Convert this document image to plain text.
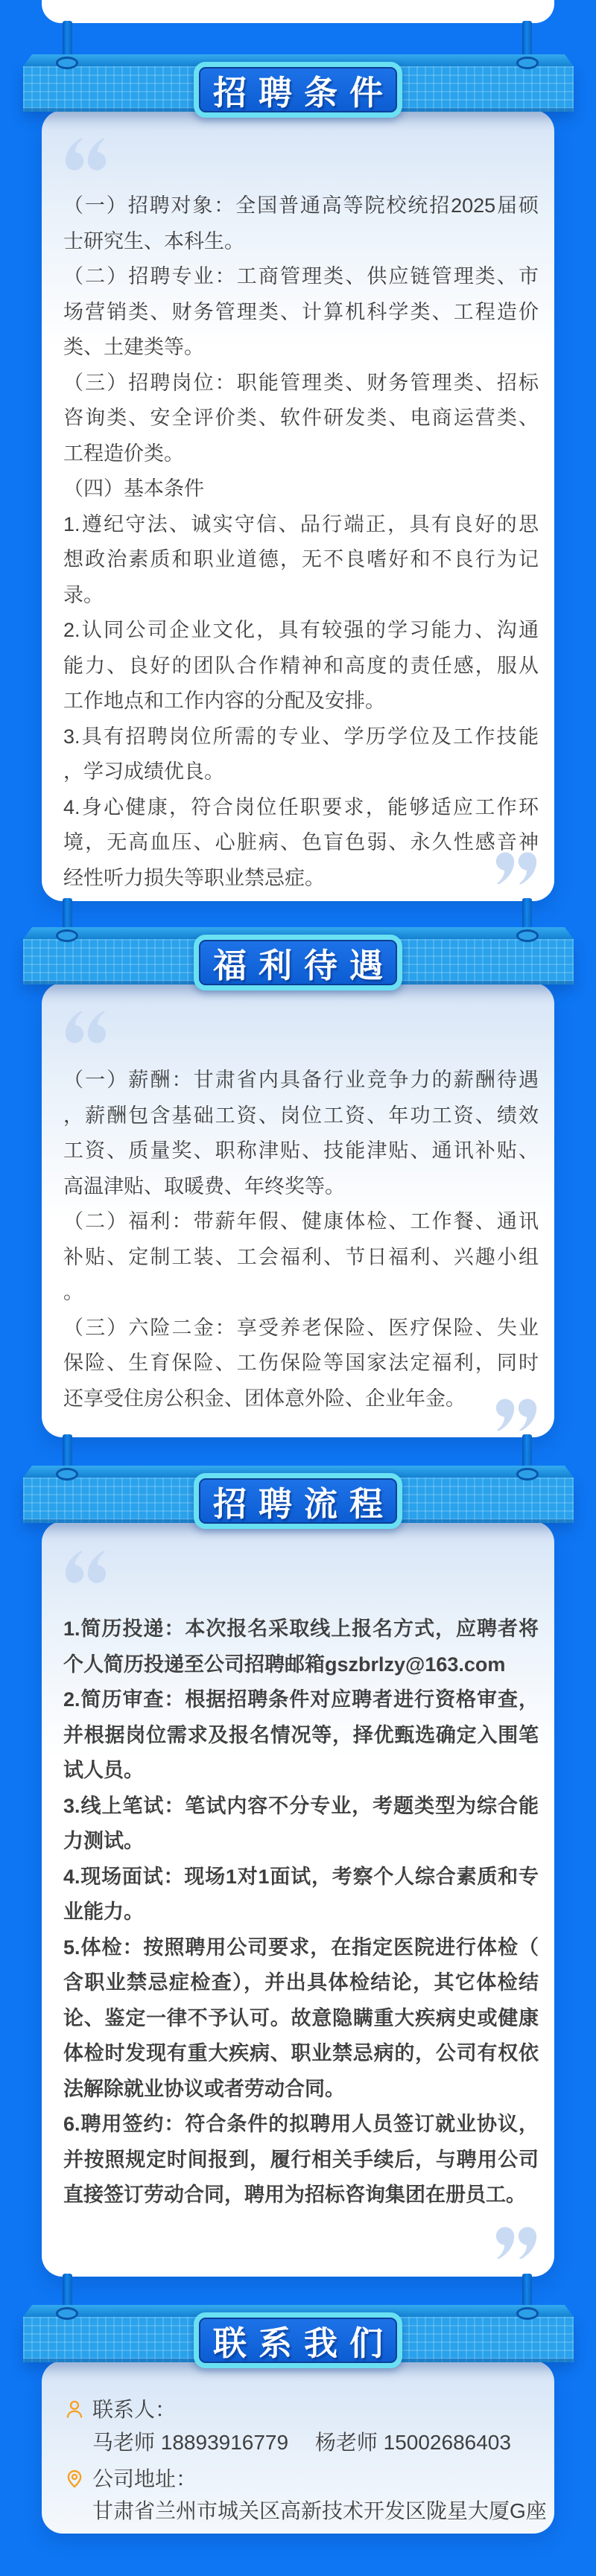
联系人：
马老师 18893916779 杨老师 15002686403
公司地址：
甘肃省兰州市城关区高新技术开发区陇星大厦G座
招聘条件
（一）招聘对象：全国普通高等院校统招2025届硕
士研究生、本科生。
（二）招聘专业：工商管理类、供应链管理类、市
场营销类、财务管理类、计算机科学类、工程造价
类、土建类等。
（三）招聘岗位：职能管理类、财务管理类、招标
咨询类、安全评价类、软件研发类、电商运营类、
工程造价类。
（四）基本条件
1.遵纪守法、诚实守信、品行端正，具有良好的思
想政治素质和职业道德，无不良嗜好和不良行为记
录。
2.认同公司企业文化，具有较强的学习能力、沟通
能力、良好的团队合作精神和高度的责任感，服从
工作地点和工作内容的分配及安排。
3.具有招聘岗位所需的专业、学历学位及工作技能
，学习成绩优良。
4.身心健康，符合岗位任职要求，能够适应工作环
境，无高血压、心脏病、色盲色弱、永久性感音神
经性听力损失等职业禁忌症。
福利待遇
（一）薪酬：甘肃省内具备行业竞争力的薪酬待遇
，薪酬包含基础工资、岗位工资、年功工资、绩效
工资、质量奖、职称津贴、技能津贴、通讯补贴、
高温津贴、取暖费、年终奖等。
（二）福利：带薪年假、健康体检、工作餐、通讯
补贴、定制工装、工会福利、节日福利、兴趣小组
。
（三）六险二金：享受养老保险、医疗保险、失业
保险、生育保险、工伤保险等国家法定福利，同时
还享受住房公积金、团体意外险、企业年金。
招聘流程
1.简历投递：本次报名采取线上报名方式，应聘者将
个人简历投递至公司招聘邮箱gszbrlzy@163.com
2.简历审查：根据招聘条件对应聘者进行资格审查，
并根据岗位需求及报名情况等，择优甄选确定入围笔
试人员。
3.线上笔试：笔试内容不分专业，考题类型为综合能
力测试。
4.现场面试：现场1对1面试，考察个人综合素质和专
业能力。
5.体检：按照聘用公司要求，在指定医院进行体检（
含职业禁忌症检查），并出具体检结论，其它体检结
论、鉴定一律不予认可。故意隐瞒重大疾病史或健康
体检时发现有重大疾病、职业禁忌病的，公司有权依
法解除就业协议或者劳动合同。
6.聘用签约：符合条件的拟聘用人员签订就业协议，
并按照规定时间报到，履行相关手续后，与聘用公司
直接签订劳动合同，聘用为招标咨询集团在册员工。
联系我们
